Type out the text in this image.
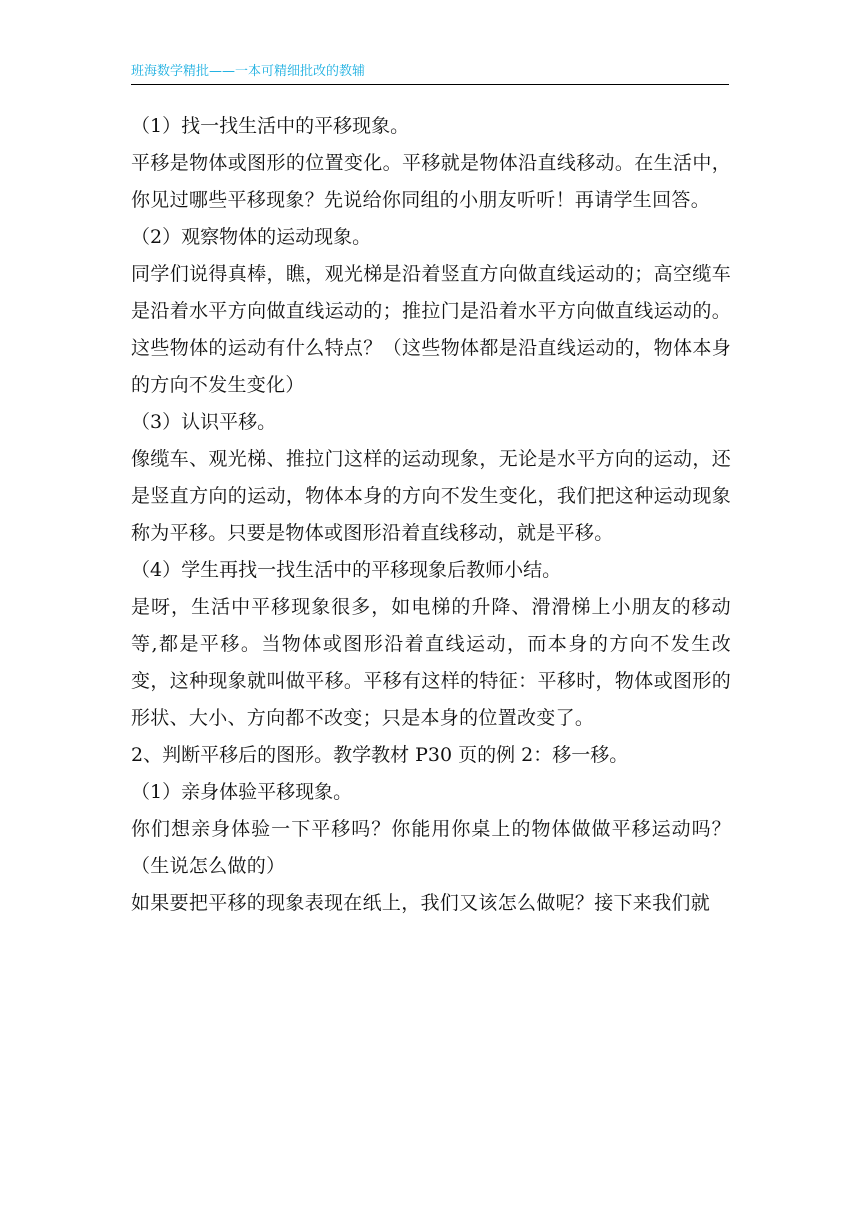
班海数学精批——一本可精细批改的教辅

（1）找一找生活中的平移现象。

平移是物体或图形的位置变化。平移就是物体沿直线移动。在生活中，你见过哪些平移现象？先说给你同组的小朋友听听！再请学生回答。

（2）观察物体的运动现象。

同学们说得真棒，瞧，观光梯是沿着竖直方向做直线运动的；高空缆车是沿着水平方向做直线运动的；推拉门是沿着水平方向做直线运动的。这些物体的运动有什么特点？（这些物体都是沿直线运动的，物体本身的方向不发生变化）

（3）认识平移。

像缆车、观光梯、推拉门这样的运动现象，无论是水平方向的运动，还是竖直方向的运动，物体本身的方向不发生变化，我们把这种运动现象称为平移。只要是物体或图形沿着直线移动，就是平移。

（4）学生再找一找生活中的平移现象后教师小结。

是呀，生活中平移现象很多，如电梯的升降、滑滑梯上小朋友的移动等,都是平移。当物体或图形沿着直线运动，而本身的方向不发生改变，这种现象就叫做平移。平移有这样的特征：平移时，物体或图形的形状、大小、方向都不改变；只是本身的位置改变了。

2、判断平移后的图形。教学教材 P30 页的例 2：移一移。

（1）亲身体验平移现象。

你们想亲身体验一下平移吗？你能用你桌上的物体做做平移运动吗？（生说怎么做的）

如果要把平移的现象表现在纸上，我们又该怎么做呢？接下来我们就
